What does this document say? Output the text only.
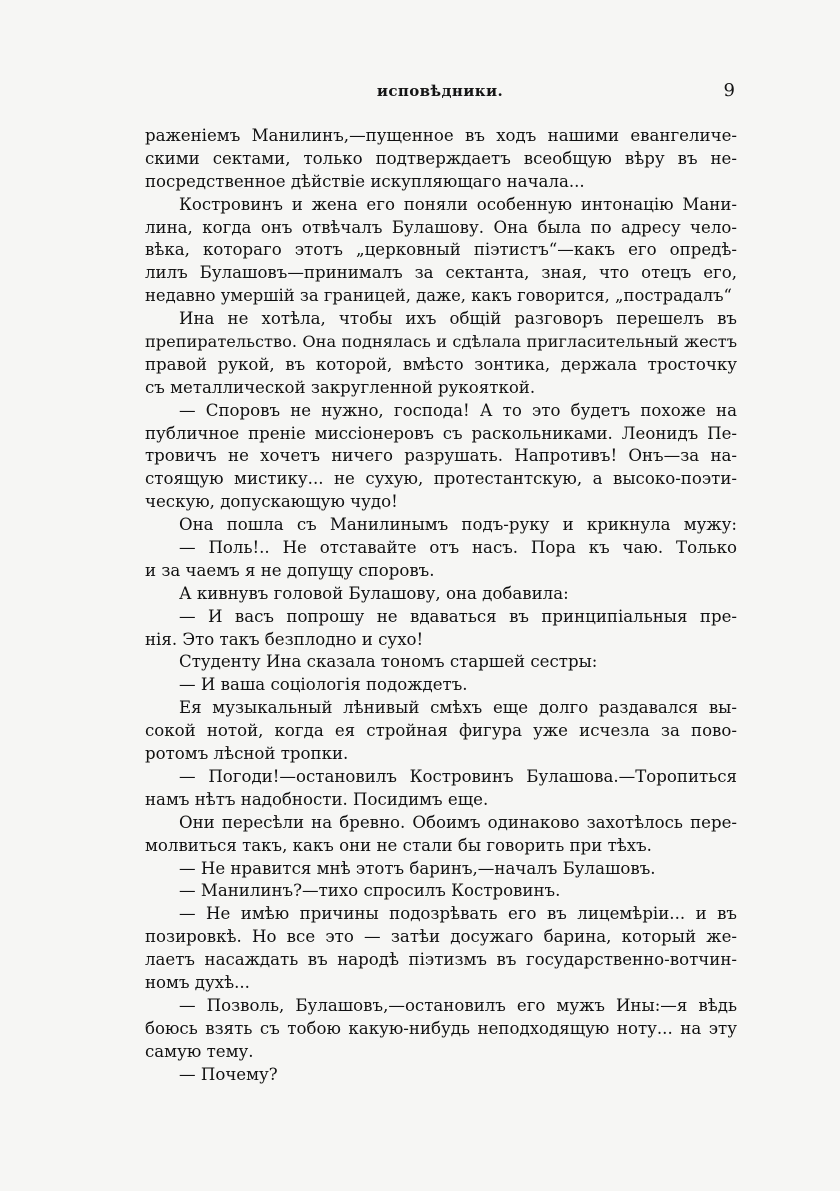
исповѣдники.	9
раженіемъ Манилинъ,—пущенное въ ходъ нашими евангеличе-
скими сектами, только подтверждаетъ всеобщую вѣру въ не-
посредственное дѣйствіе искупляющаго начала...
Костровинъ и жена его поняли особенную интонацію Мани-
лина, когда онъ отвѣчалъ Булашову. Она была по адресу чело-
вѣка, котораго этотъ „церковный піэтистъ“—какъ его опредѣ-
лилъ Булашовъ—принималъ за сектанта, зная, что отецъ его,
недавно умершій за границей, даже, какъ говорится, „пострадалъ“
Ина не хотѣла, чтобы ихъ общій разговоръ перешелъ въ
препирательство. Она поднялась и сдѣлала пригласительный жестъ
правой рукой, въ которой, вмѣсто зонтика, держала тросточку
съ металлической закругленной рукояткой.
— Споровъ не нужно, господа! А то это будетъ похоже на
публичное преніе миссіонеровъ съ раскольниками. Леонидъ Пе-
тровичъ не хочетъ ничего разрушать. Напротивъ! Онъ—за на-
стоящую мистику... не сухую, протестантскую, а высоко-поэти-
ческую, допускающую чудо!
Она пошла съ Манилинымъ подъ-руку и крикнула мужу:
— Поль!.. Не отставайте отъ насъ. Пора къ чаю. Только
и за чаемъ я не допущу споровъ.
А кивнувъ головой Булашову, она добавила:
— И васъ попрошу не вдаваться въ принципіальныя пре-
нія. Это такъ безплодно и сухо!
Студенту Ина сказала тономъ старшей сестры:
— И ваша соціологія подождетъ.
Ея музыкальный лѣнивый смѣхъ еще долго раздавался вы-
сокой нотой, когда ея стройная фигура уже исчезла за пово-
ротомъ лѣсной тропки.
— Погоди!—остановилъ Костровинъ Булашова.—Торопиться
намъ нѣтъ надобности. Посидимъ еще.
Они пересѣли на бревно. Обоимъ одинаково захотѣлось пере-
молвиться такъ, какъ они не стали бы говорить при тѣхъ.
— Не нравится мнѣ этотъ баринъ,—началъ Булашовъ.
— Манилинъ?—тихо спросилъ Костровинъ.
— Не имѣю причины подозрѣвать его въ лицемѣріи... и въ
позировкѣ. Но все это — затѣи досужаго барина, который же-
лаетъ насаждать въ народѣ піэтизмъ въ государственно-вотчин-
номъ духѣ...
— Позволь, Булашовъ,—остановилъ его мужъ Ины:—я вѣдь
боюсь взять съ тобою какую-нибудь неподходящую ноту... на эту
самую тему.
— Почему?
